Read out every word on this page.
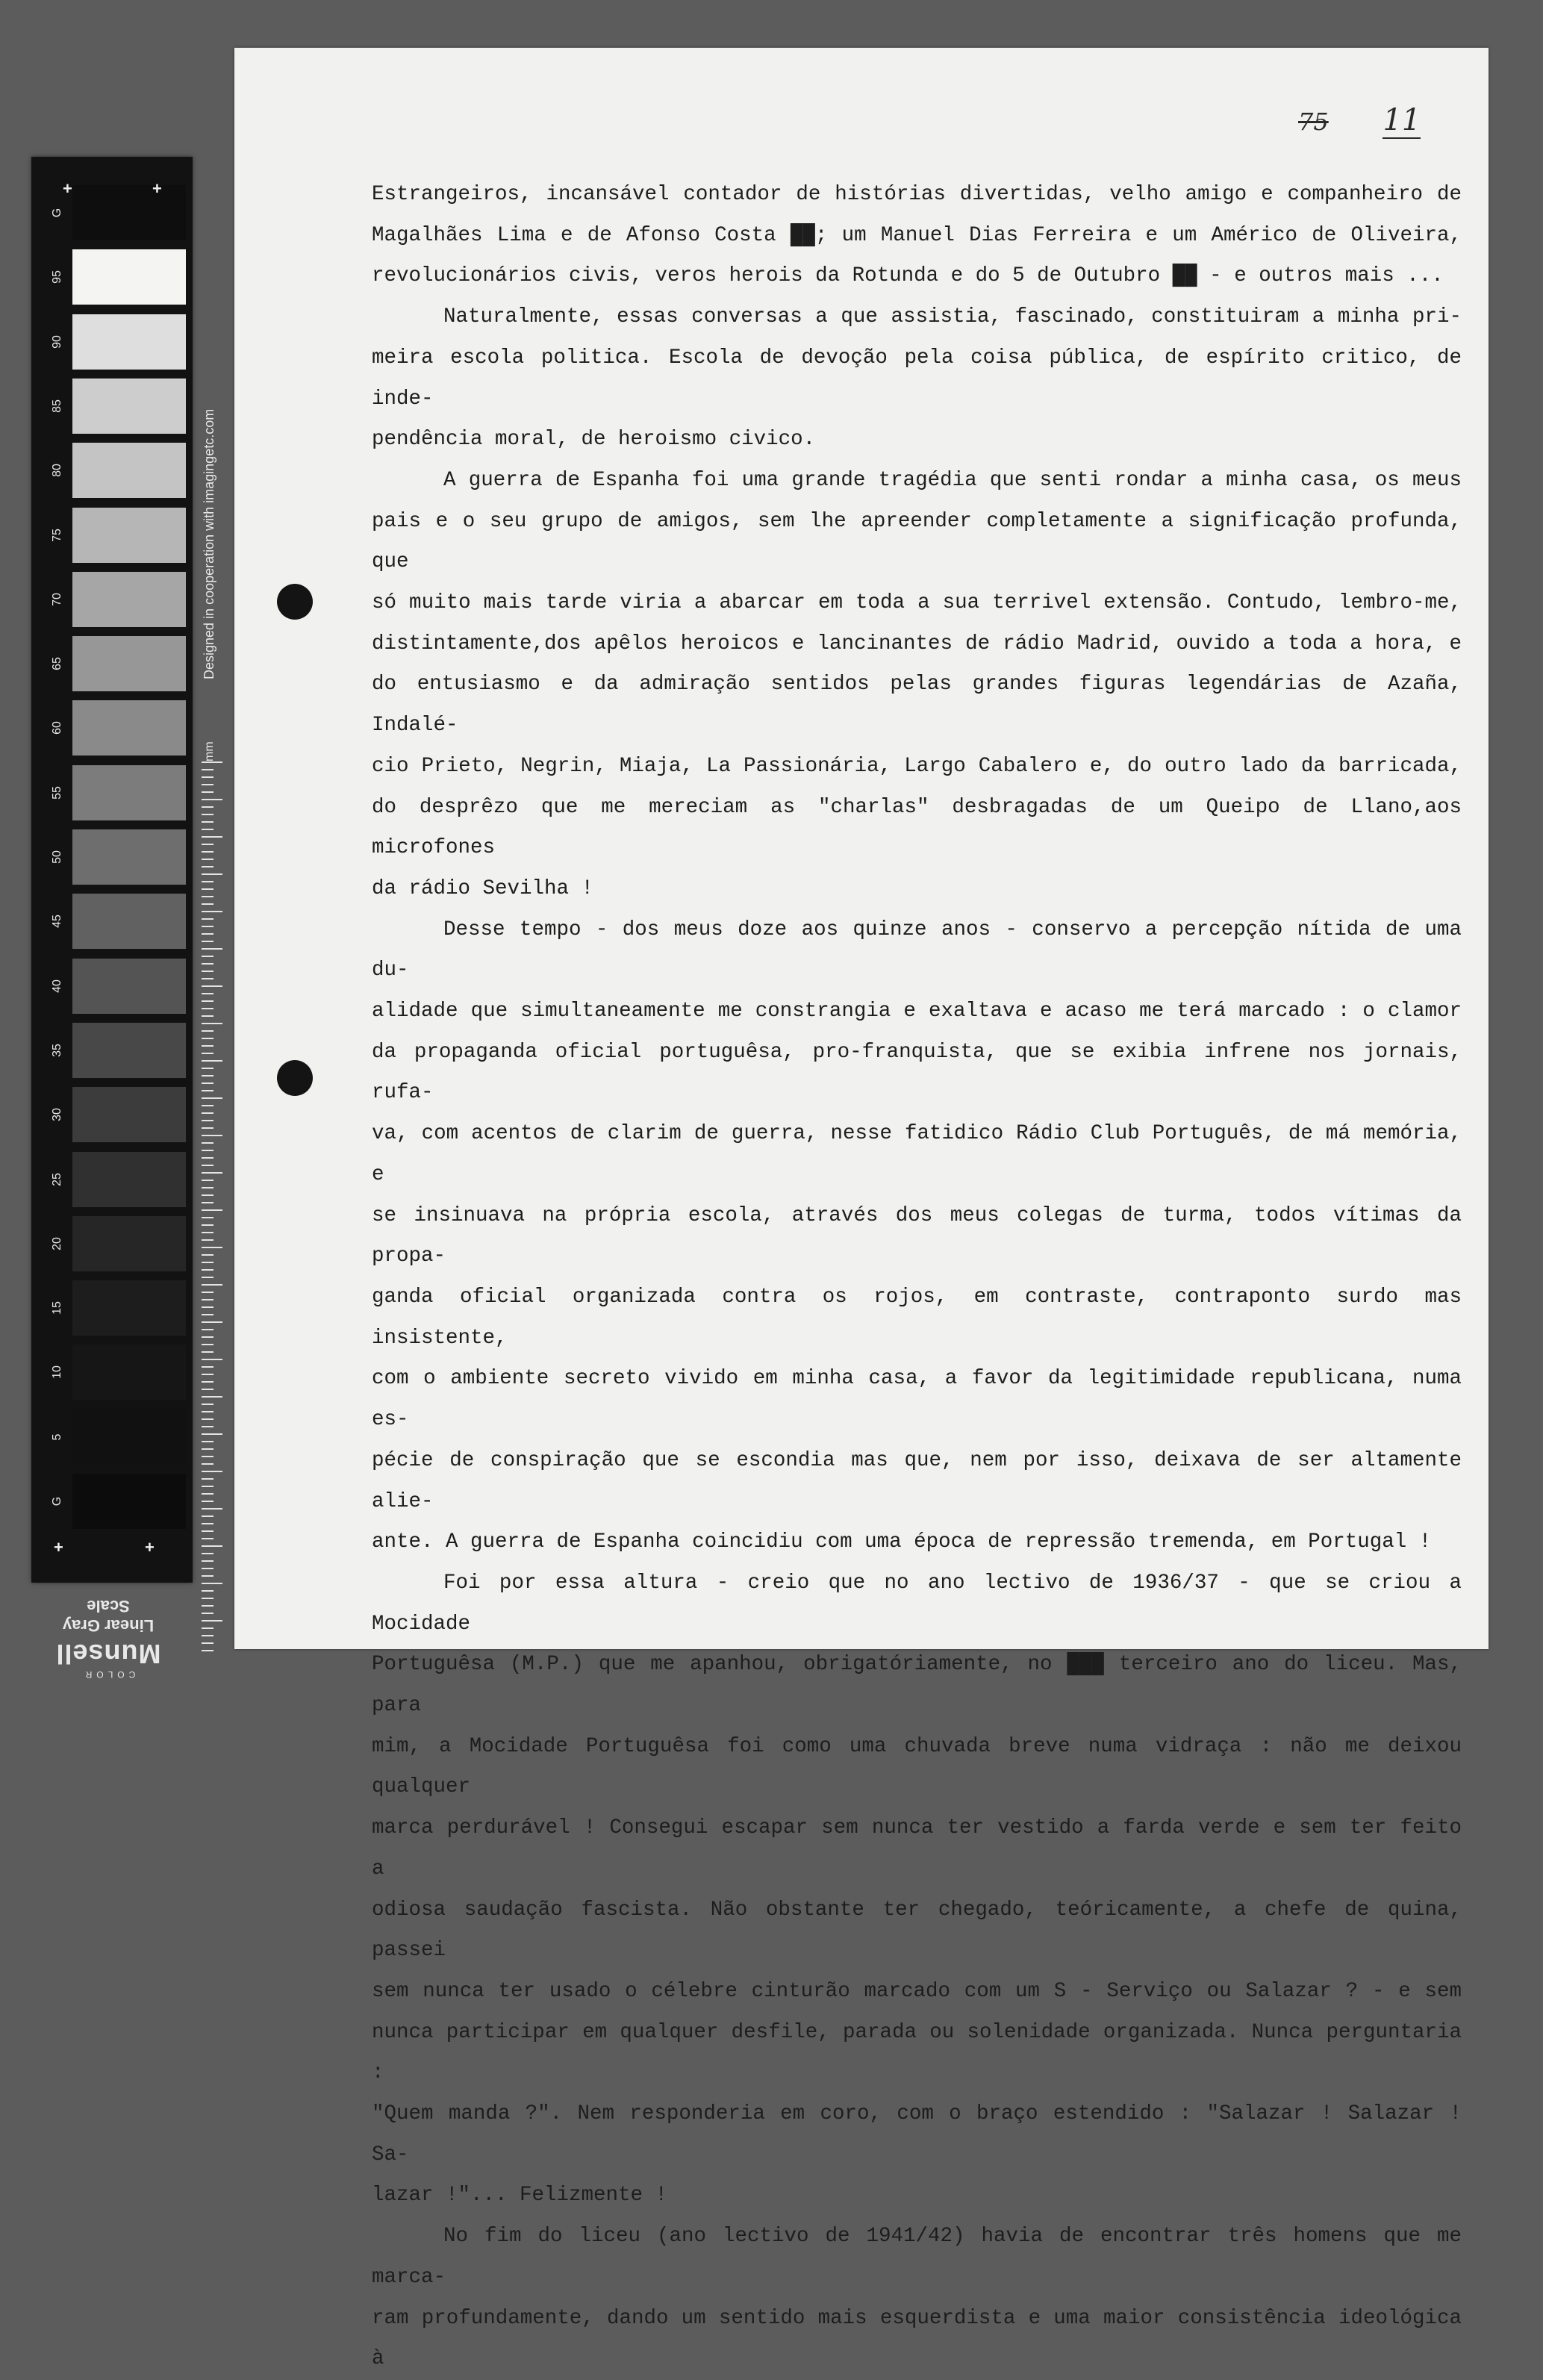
G
95
90
85
80
75
70
65
60
55
50
45
40
35
30
25
20
15
10
5
G
Designed in cooperation with imagingetc.com
mm
+	+
+	+
COLOR
Munsell
Linear Gray Scale
75 11

Estrangeiros, incansável contador de histórias divertidas, velho amigo e companheiro de

Magalhães Lima e de Afonso Costa ██; um Manuel Dias Ferreira e um Américo de Oliveira,

revolucionários civis, veros herois da Rotunda e do 5 de Outubro ██ - e outros mais ...

Naturalmente, essas conversas a que assistia, fascinado, constituiram a minha pri-

meira escola politica. Escola de devoção pela coisa pública, de espírito critico, de inde-

pendência moral, de heroismo civico.

A guerra de Espanha foi uma grande tragédia que senti rondar a minha casa, os meus

pais e o seu grupo de amigos, sem lhe apreender completamente a significação profunda, que

só muito mais tarde viria a abarcar em toda a sua terrivel extensão. Contudo, lembro-me,

distintamente,dos apêlos heroicos e lancinantes de rádio Madrid, ouvido a toda a hora, e

do entusiasmo e da admiração sentidos pelas grandes figuras legendárias de Azaña, Indalé-

cio Prieto, Negrin, Miaja, La Passionária, Largo Cabalero e, do outro lado da barricada,

do desprêzo que me mereciam as "charlas" desbragadas de um Queipo de Llano,aos microfones

da rádio Sevilha !

Desse tempo - dos meus doze aos quinze anos - conservo a percepção nítida de uma du-

alidade que simultaneamente me constrangia e exaltava e acaso me terá marcado : o clamor

da propaganda oficial portuguêsa, pro-franquista, que se exibia infrene nos jornais, rufa-

va, com acentos de clarim de guerra, nesse fatidico Rádio Club Português, de má memória, e

se insinuava na própria escola, através dos meus colegas de turma, todos vítimas da propa-

ganda oficial organizada contra os rojos, em contraste, contraponto surdo mas insistente,

com o ambiente secreto vivido em minha casa, a favor da legitimidade republicana, numa es-

pécie de conspiração que se escondia mas que, nem por isso, deixava de ser altamente alie-

ante. A guerra de Espanha coincidiu com uma época de repressão tremenda, em Portugal !

Foi por essa altura - creio que no ano lectivo de 1936/37 - que se criou a Mocidade

Portuguêsa (M.P.) que me apanhou, obrigatóriamente, no ███ terceiro ano do liceu. Mas, para

mim, a Mocidade Portuguêsa foi como uma chuvada breve numa vidraça : não me deixou qualquer

marca perdurável ! Consegui escapar sem nunca ter vestido a farda verde e sem ter feito a

odiosa saudação fascista. Não obstante ter chegado, teóricamente, a chefe de quina, passei

sem nunca ter usado o célebre cinturão marcado com um S - Serviço ou Salazar ? - e sem

nunca participar em qualquer desfile, parada ou solenidade organizada. Nunca perguntaria :

"Quem manda ?". Nem responderia em coro, com o braço estendido : "Salazar ! Salazar ! Sa-

lazar !"... Felizmente !

No fim do liceu (ano lectivo de 1941/42) havia de encontrar três homens que me marca-

ram profundamente, dando um sentido mais esquerdista e uma maior consistência ideológica à
